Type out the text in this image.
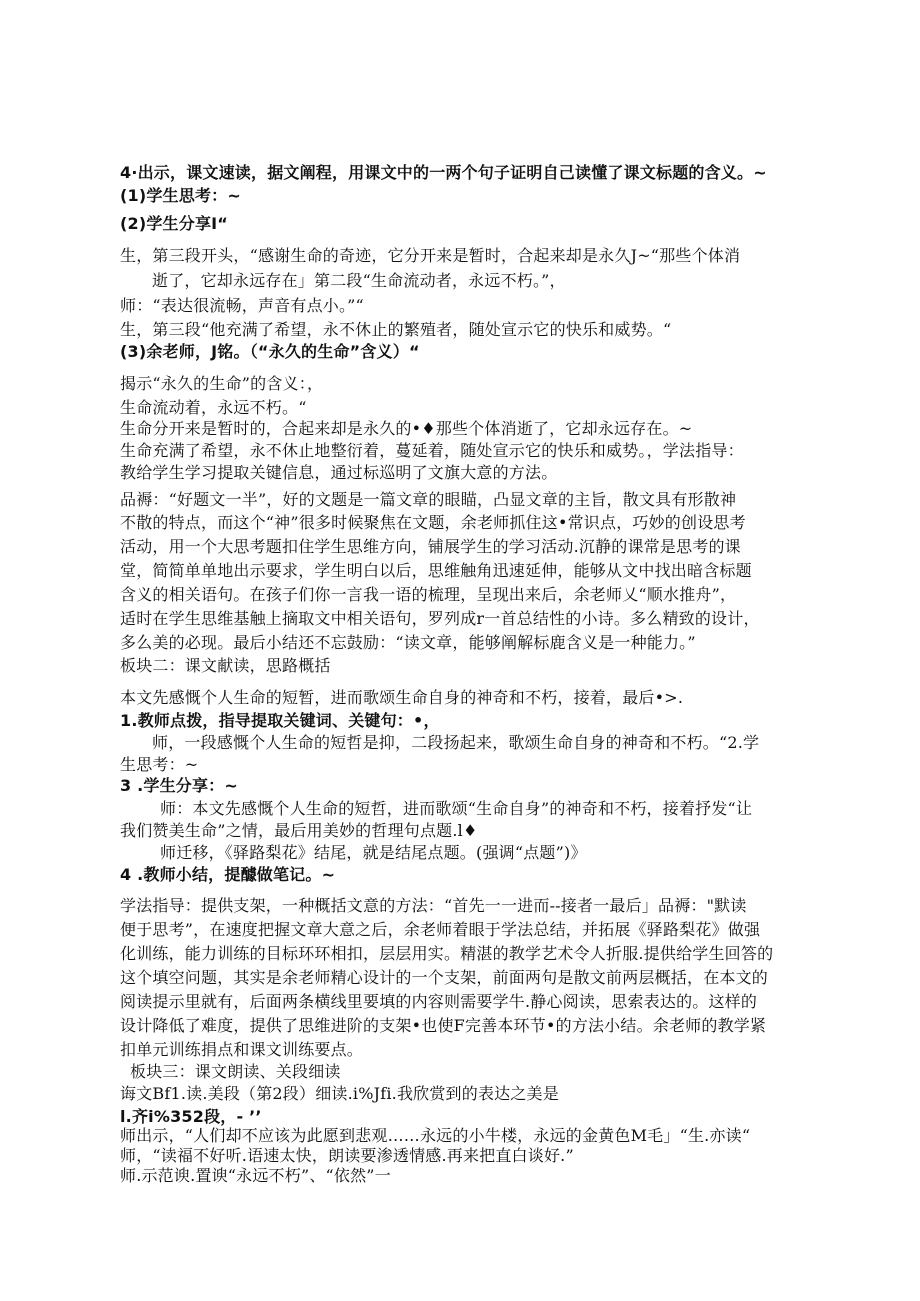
4·出示，课文速读，据文阐程，用课文中的一两个句子证明自己读懂了课文标题的含义。~
(1)学生思考：~
(2)学生分享I“
生，第三段开头，“感谢生命的奇迹，它分开来是暂时，合起来却是永久J~“那些个体消
逝了，它却永远存在」第二段“生命流动者，永远不朽。”，
师：“表达很流畅，声音有点小。”“
生，第三段“他充满了希望，永不休止的繁殖者，随处宣示它的快乐和威势。“
(3)余老师，J铭。（“永久的生命”含义）“
揭示“永久的生命”的含义：，
生命流动着，永远不朽。“
生命分开来是暂时的，合起来却是永久的•♦那些个体消逝了，它却永远存在。~
生命充满了希望，永不休止地整衍着，蔓延着，随处宣示它的快乐和威势。，学法指导：
教给学生学习提取关键信息，通过标巡明了文旗大意的方法。
品褥：“好题文一半”，好的文题是一篇文章的眼瞄，凸显文章的主旨，散文具有形散神
不散的特点，而这个“神”很多时候聚焦在文题，余老师抓住这•常识点，巧妙的创设思考
活动，用一个大思考题扣住学生思维方向，铺展学生的学习活动.沉静的课常是思考的课
堂，简简单单地出示要求，学生明白以后，思维触角迅速延伸，能够从文中找出暗含标题
含义的相关语句。在孩子们你一言我一语的梳理，呈现出来后，余老师乂“顺水推舟”，
适时在学生思维基触上摘取文中相关语句，罗列成r一首总结性的小诗。多么精致的设计，
多么美的必现。最后小结还不忘鼓励：“读文章，能够阐解标鹿含义是一种能力。”
板块二：课文献读，思路概括
本文先感慨个人生命的短暂，进而歌颂生命自身的神奇和不朽，接着，最后•>.
1.教师点拨，指导提取关键词、关键句：•，
师，一段感慨个人生命的短哲是抑，二段扬起来，歌颂生命自身的神奇和不朽。“2.学
生思考：~
3 .学生分享：~
师：本文先感慨个人生命的短哲，进而歌颂“生命自身”的神奇和不朽，接着抒发“让
我们赞美生命”之情，最后用美妙的哲理句点题.l♦
师迁移，《驿路梨花》结尾，就是结尾点题。(强调“点题”)》
4 .教师小结，提醵做笔记。~
学法指导：提供支架，一种概括文意的方法：“首先一一进而--接者一最后」品褥："默读
便于思考”，在速度把握文章大意之后，余老师着眼于学法总结，并拓展《驿路梨花》做强
化训练，能力训练的目标环环相扣，层层用实。精湛的教学艺术令人折服.提供给学生回答的
这个填空问题，其实是余老师精心设计的一个支架，前面两句是散文前两层概括，在本文的
阅读提示里就有，后面两条横线里要填的内容则需要学牛.静心阅读，思索表达的。这样的
设计降低了难度，提供了思维进阶的支架•也使F完善本环节•的方法小结。余老师的教学紧
扣单元训练捐点和课文训练要点。
板块三：课文朗读、关段细读
诲文Bf1.读.美段（第2段）细读.i%Jfi.我欣赏到的表达之美是
l.齐i%352段，- ’’
师出示，“人们却不应该为此愿到悲观……永远的小牛楼，永远的金黄色M毛」“生.亦读“
师，“读福不好听.语速太快，朗读要渗透情感.再来把直白谈好.”
师.示范谀.置谀“永远不朽”、“依然”一
